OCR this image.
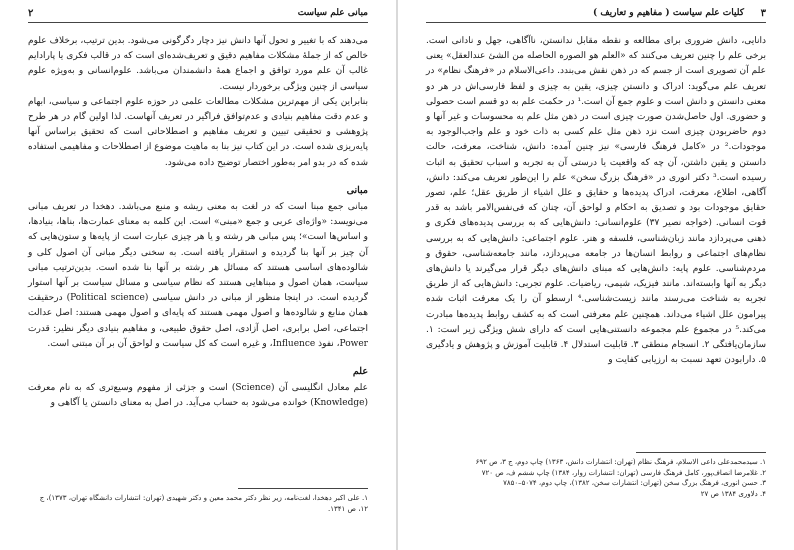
۲	مبانی علم سیاست

می‌دهند که با تغییر و تحول آنها دانش نیز دچار دگرگونی می‌شود. بدین ترتیب، برخلاف علوم خالص که از جملهٔ مشکلات مفاهیم دقیق و تعریف‌شده‌ای است که در قالب فکری یا پارادایم غالب آن علم مورد توافق و اجماع همهٔ دانشمندان می‌باشد. علوم‌انسانی و به‌ویژه علوم سیاسی از چنین ویژگی برخوردار نیست.

بنابراین یکی از مهم‌ترین مشکلات مطالعات علمی در حوزه علوم اجتماعی و سیاسی، ابهام و عدم دقت مفاهیم بنیادی و عدم‌توافق فراگیر در تعریف آنهاست. لذا اولین گام در هر طرح پژوهشی و تحقیقی تبیین و تعریف مفاهیم و اصطلاحاتی است که تحقیق براساس آنها پایه‌ریزی شده است. در این کتاب نیز بنا به ماهیت موضوع از اصطلاحات و مفاهیمی استفاده شده که در بدو امر به‌طور اختصار توضیح داده می‌شود.

مبانی

مبانی جمع مبنا است که در لغت به معنی ریشه و منبع می‌باشد. دهخدا در تعریف مبانی می‌نویسد: «واژه‌ای عربی و جمع «مبنی» است. این کلمه به معنای عمارت‌ها، بناها، بنیادها، و اساس‌ها است»؛ پس مبانی هر رشته و یا هر چیزی عبارت است از پایه‌ها و ستون‌هایی که آن چیز بر آنها بنا گردیده و استقرار یافته است. به سخنی دیگر مبانی آن اصول کلی و شالوده‌های اساسی هستند که مسائل هر رشته بر آنها بنا شده است. بدین‌ترتیب مبانی سیاست، همان اصول و مبناهایی هستند که نظام سیاسی و مسائل سیاست بر آنها استوار گردیده است. در اینجا منظور از مبانی در دانش سیاسی (Political science) درحقیقت همان منابع و شالوده‌ها و اصول مهمی هستند که پایه‌ای و اصول مهمی هستند: اصل عدالت اجتماعی، اصل برابری، اصل آزادی، اصل حقوق طبیعی، و مفاهیم بنیادی دیگر نظیر: قدرت Power، نفوذ Influence، و غیره است که کل سیاست و لواحق آن بر آن مبتنی است.

علم

علم معادل انگلیسی آن (Science) است و جزئی از مفهوم وسیع‌تری که به نام معرفت (Knowledge) خوانده می‌شود به حساب می‌آید. در اصل به معنای دانستن یا آگاهی و

۱. علی اکبر دهخدا، لغت‌نامه، زیر نظر دکتر محمد معین و دکتر شهیدی (تهران: انتشارات دانشگاه تهران، ۱۳۷۳)، ج ۱۲، ص ۱۳۴۱.
۳
کلیات علم سیاست ( مفاهیم و تعاریف )

دانایی، دانش ضروری برای مطالعه و نقطه مقابل ندانستن، ناآگاهی، جهل و نادانی است. برخی علم را چنین تعریف می‌کنند که «العلم هو الصوره الحاصله من الشئ عندالعقل» یعنی علم آن تصویری است از جسم که در ذهن نقش می‌بندد. داعی‌الاسلام در «فرهنگ نظام» در تعریف علم می‌گوید: ادراک و دانستن چیزی، یقین به چیزی و لفظ فارسی‌اش در هر دو معنی دانستن و دانش است و علوم جمع آن است.¹ در حکمت علم به دو قسم است حصولی و حضوری. اول حاصل‌شدن صورت چیزی است در ذهن مثل علم به محسوسات و غیر آنها و دوم حاضربودن چیزی است نزد ذهن مثل علم کسی به ذات خود و علم واجب‌الوجود به موجودات.² در «کامل فرهنگ فارسی» نیز چنین آمده: دانش، شناخت، معرفت، حالت دانستن و یقین داشتن، آن چه که واقعیت یا درستی آن به تجربه و اسباب تحقیق به اثبات رسیده است.³ دکتر انوری در «فرهنگ بزرگ سخن» علم را این‌طور تعریف می‌کند: دانش، آگاهی، اطلاع، معرفت، ادراک پدیده‌ها و حقایق و علل اشیاء از طریق عقل؛ علم، تصور حقایق موجودات بود و تصدیق به احکام و لواحق آن، چنان که فی‌نفس‌الامر باشد به قدر قوت انسانی. (خواجه نصیر ۳۷) علوم‌انسانی: دانش‌هایی که به بررسی پدیده‌های فکری و ذهنی می‌پردازد مانند زبان‌شناسی، فلسفه و هنر. علوم اجتماعی: دانش‌هایی که به بررسی نظام‌های اجتماعی و روابط انسان‌ها در جامعه می‌پردازد، مانند جامعه‌شناسی، حقوق و مردم‌شناسی. علوم پایه: دانش‌هایی که مبنای دانش‌های دیگر قرار می‌گیرند یا دانش‌های دیگر به آنها وابسته‌اند. مانند فیزیک، شیمی، ریاضیات. علوم تجربی: دانش‌هایی که از طریق تجربه به شناخت می‌رسند مانند زیست‌شناسی.⁴ ارسطو آن را یک معرفت اثبات شده پیرامون علل اشیاء می‌داند. همچنین علم معرفتی است که به کشف روابط پدیده‌ها مبادرت می‌کند.⁵ در مجموع علم مجموعه دانستنی‌هایی است که دارای شش ویژگی زیر است: ۱. سازمان‌یافتگی ۲. انسجام منطقی ۳. قابلیت استدلال ۴. قابلیت آموزش و پژوهش و یادگیری ۵. دارابودن تعهد نسبت به ارزیابی کفایت و

۱. سیدمحمدعلی داعی الاسلام، فرهنگ نظام (تهران: انتشارات دانش، ۱۳۶۳) چاپ دوم، ج ۳، ص ۶۹۲
۲. غلامرضا انصاف‌پور، کامل فرهنگ فارسی (تهران: انتشارات زوار، ۱۳۸۴) چاپ ششم ف، ص ۷۲۰
۳. حسن انوری، فرهنگ بزرگ سخن (تهران: انتشارات سخن، ۱۳۸۲)، چاپ دوم، ۵۰۷۴–۷۸۵۰
۴. دلاوری ۱۳۸۴ ص ۲۷
